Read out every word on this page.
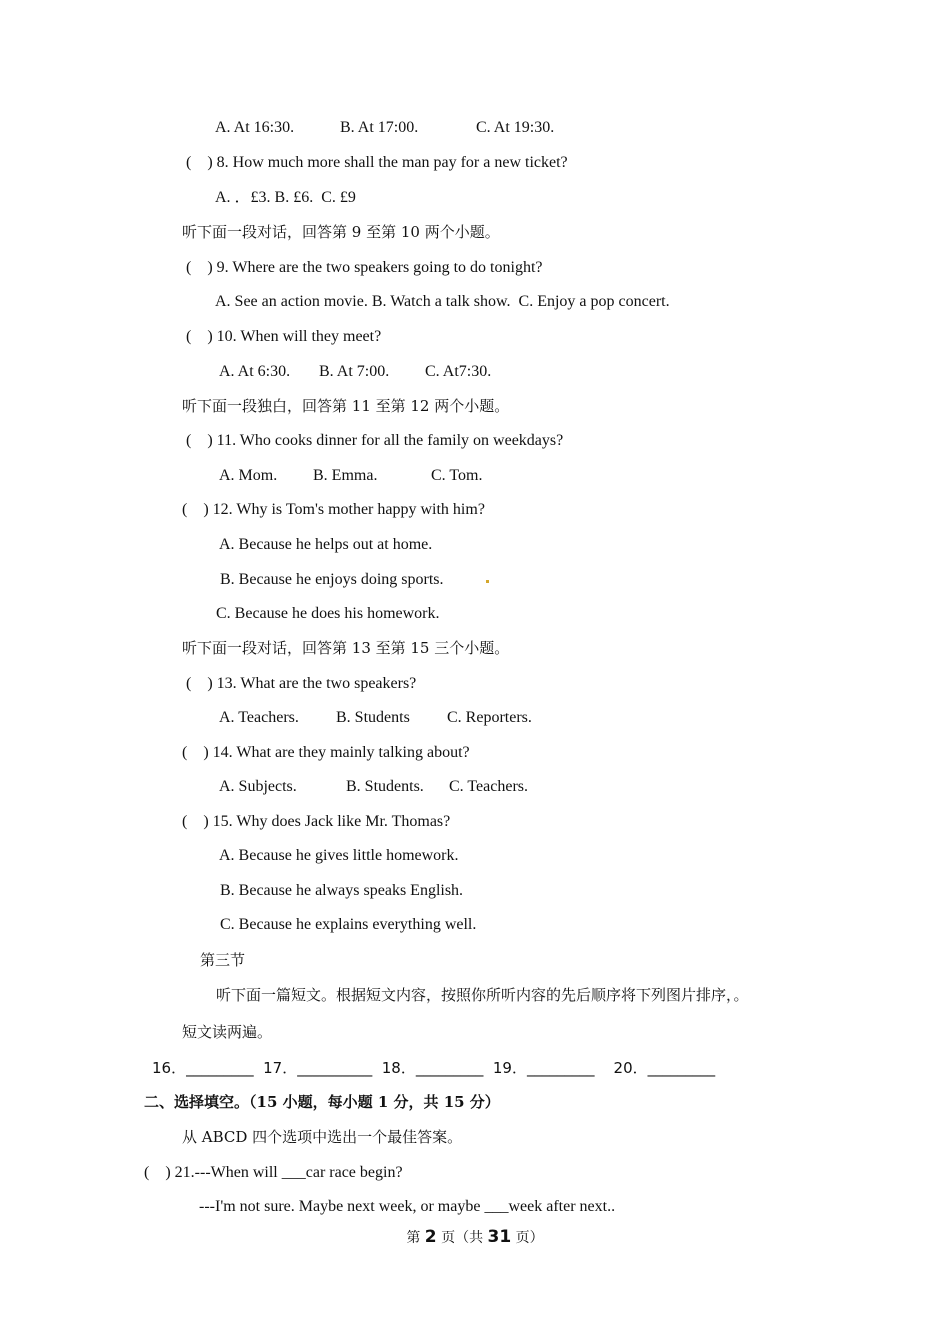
A. At 16:30.	B. At 17:00.	C. At 19:30.
(    ) 8. How much more shall the man pay for a new ticket?
A. ．£3. B. £6.  C. £9
听下面一段对话，回答第 9 至第 10 两个小题。
(    ) 9. Where are the two speakers going to do tonight?
A. See an action movie. B. Watch a talk show.  C. Enjoy a pop concert.
(    ) 10. When will they meet?
A. At 6:30. B. At 7:00. C. At7:30.
听下面一段独白，回答第 11 至第 12 两个小题。
(    ) 11. Who cooks dinner for all the family on weekdays?
A. Mom. B. Emma.	C. Tom.
(    ) 12. Why is Tom's mother happy with him?
A. Because he helps out at home.
B. Because he enjoys doing sports.
C. Because he does his homework.
听下面一段对话，回答第 13 至第 15 三个小题。
(    ) 13. What are the two speakers?
A. Teachers. B. Students C. Reporters.
(    ) 14. What are they mainly talking about?
A. Subjects.	B. Students. C. Teachers.
(    ) 15. Why does Jack like Mr. Thomas?
A. Because he gives little homework.
B. Because he always speaks English.
C. Because he explains everything well.
第三节
听下面一篇短文。根据短文内容，按照你所听内容的先后顺序将下列图片排序，。
短文读两遍。
16．_________  17．__________  18．_________  19．_________    20．_________
二、选择填空。（15 小题，每小题 1 分，共 15 分）
从 ABCD 四个选项中选出一个最佳答案。
(    ) 21.---When will ___car race begin?
---I'm not sure. Maybe next week, or maybe ___week after next..
第 2 页（共 31 页）
